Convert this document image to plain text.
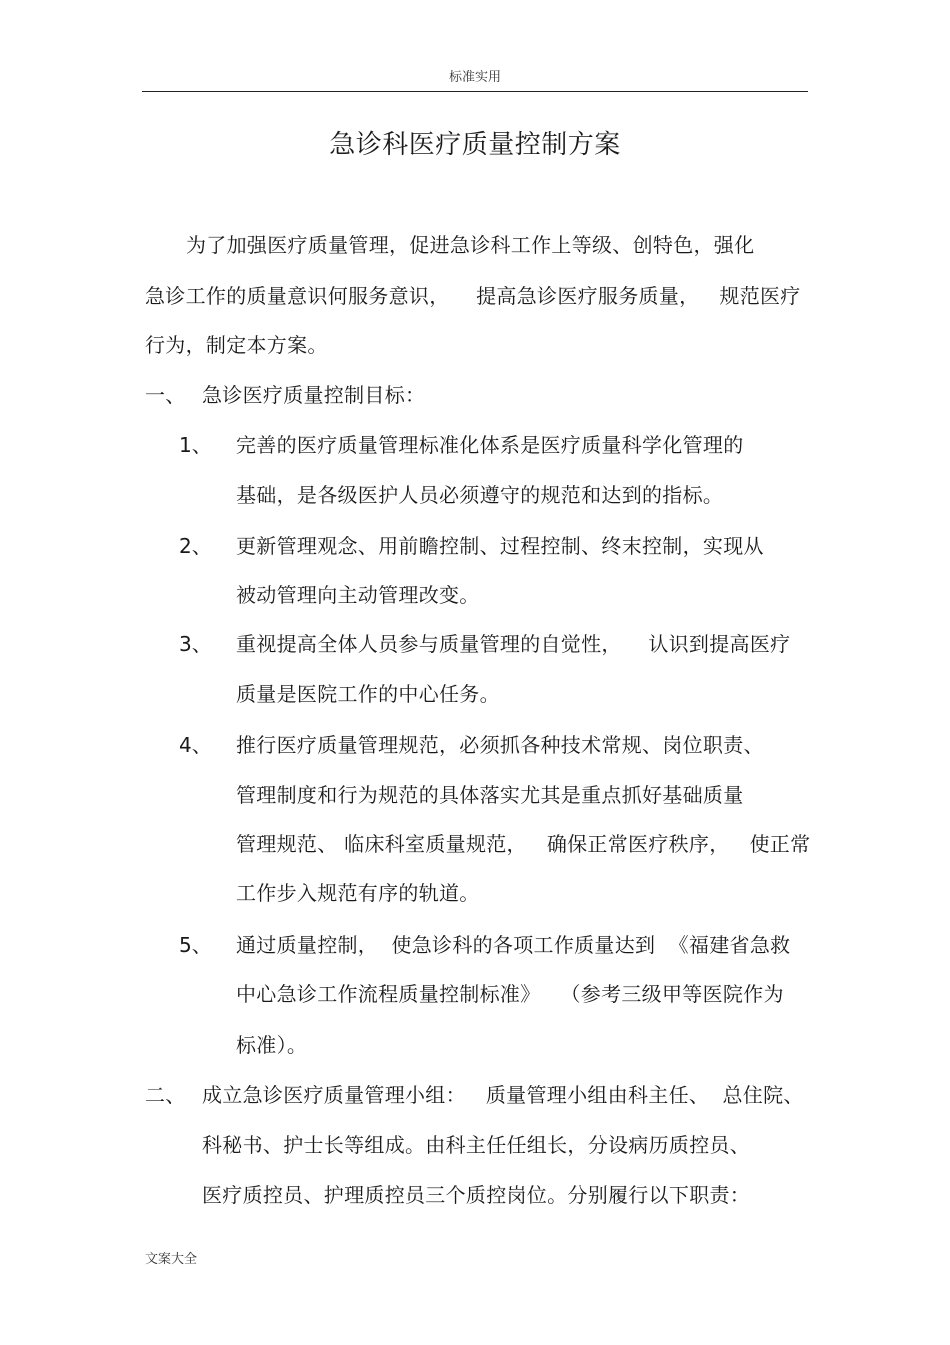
标准实用
急诊科医疗质量控制方案
为了加强医疗质量管理，促进急诊科工作上等级、创特色，强化
急诊工作的质量意识何服务意识，    提高急诊医疗服务质量，   规范医疗
行为，制定本方案。
一、 急诊医疗质量控制目标：
1、 完善的医疗质量管理标准化体系是医疗质量科学化管理的
基础，是各级医护人员必须遵守的规范和达到的指标。
2、 更新管理观念、用前瞻控制、过程控制、终末控制，实现从
被动管理向主动管理改变。
3、 重视提高全体人员参与质量管理的自觉性，    认识到提高医疗
质量是医院工作的中心任务。
4、 推行医疗质量管理规范，必须抓各种技术常规、岗位职责、
管理制度和行为规范的具体落实尤其是重点抓好基础质量
管理规范、 临床科室质量规范，   确保正常医疗秩序，   使正常
工作步入规范有序的轨道。
5、 通过质量控制，  使急诊科的各项工作质量达到  《福建省急救
中心急诊工作流程质量控制标准》   （参考三级甲等医院作为
标准）。
二、 成立急诊医疗质量管理小组：   质量管理小组由科主任、  总住院、
科秘书、护士长等组成。由科主任任组长，分设病历质控员、
医疗质控员、护理质控员三个质控岗位。分别履行以下职责：
文案大全
